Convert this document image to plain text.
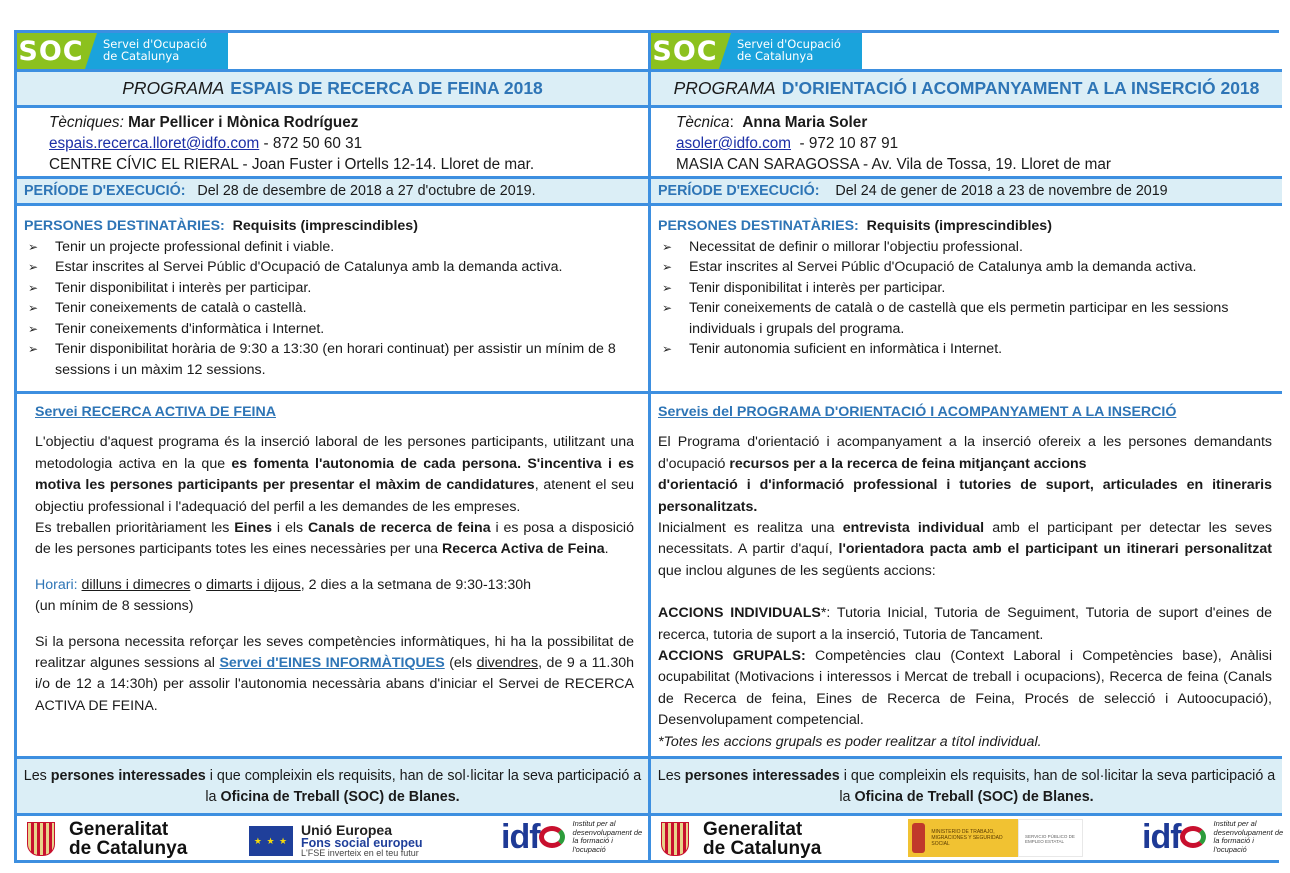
SOC Servei d'Ocupació
de Catalunya
PROGRAMA ESPAIS DE RECERCA DE FEINA 2018
Tècniques: Mar Pellicer i Mònica Rodríguez
espais.recerca.lloret@idfo.com - 872 50 60 31
CENTRE CÍVIC EL RIERAL - Joan Fuster i Ortells 12-14. Lloret de mar.
PERÍODE D'EXECUCIÓ:
Del 28 de desembre de 2018 a 27 d'octubre de 2019.
PERSONES DESTINATÀRIES: Requisits (imprescindibles)
➢ Tenir un projecte professional definit i viable.
➢ Estar inscrites al Servei Públic d'Ocupació de Catalunya amb la demanda activa.
➢ Tenir disponibilitat i interès per participar.
➢ Tenir coneixements de català o castellà.
➢ Tenir coneixements d'informàtica i Internet.
➢ Tenir disponibilitat horària de 9:30 a 13:30 (en horari continuat) per assistir un mínim de 8 sessions i un màxim 12 sessions.
Servei RECERCA ACTIVA DE FEINA

L'objectiu d'aquest programa és la inserció laboral de les persones participants, utilitzant una metodologia activa en la que es fomenta l'autonomia de cada persona. S'incentiva i es motiva les persones participants per presentar el màxim de candidatures, atenent el seu objectiu professional i l'adequació del perfil a les demandes de les empreses.

Es treballen prioritàriament les Eines i els Canals de recerca de feina i es posa a disposició de les persones participants totes les eines necessàries per una Recerca Activa de Feina.

Horari: dilluns i dimecres o dimarts i dijous, 2 dies a la setmana de 9:30-13:30h
(un mínim de 8 sessions)

Si la persona necessita reforçar les seves competències informàtiques, hi ha la possibilitat de realitzar algunes sessions al Servei d'EINES INFORMÀTIQUES (els divendres, de 9 a 11.30h i/o de 12 a 14:30h) per assolir l'autonomia necessària abans d'iniciar el Servei de RECERCA ACTIVA DE FEINA.

Les persones interessades i que compleixin els requisits, han de sol·licitar la seva participació a la Oficina de Treball (SOC) de Blanes.
Generalitat
de Catalunya	★ ★ ★
Unió Europea
Fons social europeu
L'FSE inverteix en el teu futur idf	Institut per al desenvolupament de la formació i l'ocupació
SOC Servei d'Ocupació
de Catalunya
PROGRAMA D'ORIENTACIÓ I ACOMPANYAMENT A LA INSERCIÓ 2018
Tècnica:  Anna Maria Soler
asoler@idfo.com  - 972 10 87 91
MASIA CAN SARAGOSSA - Av. Vila de Tossa, 19. Lloret de mar
PERÍODE D'EXECUCIÓ:
Del 24 de gener de 2018 a 23 de novembre de 2019
PERSONES DESTINATÀRIES: Requisits (imprescindibles)
➢ Necessitat de definir o millorar l'objectiu professional.
➢ Estar inscrites al Servei Públic d'Ocupació de Catalunya amb la demanda activa.
➢ Tenir disponibilitat i interès per participar.
➢ Tenir coneixements de català o de castellà que els permetin participar en les sessions individuals i grupals del programa.
➢ Tenir autonomia suficient en informàtica i Internet.
Serveis del PROGRAMA D'ORIENTACIÓ I ACOMPANYAMENT A LA INSERCIÓ

El Programa d'orientació i acompanyament a la inserció ofereix a les persones demandants d'ocupació recursos per a la recerca de feina mitjançant accions
d'orientació i d'informació professional i tutories de suport, articulades en itineraris personalitzats.

Inicialment es realitza una entrevista individual amb el participant per detectar les seves necessitats. A partir d'aquí, l'orientadora pacta amb el participant un itinerari personalitzat que inclou algunes de les següents accions:

ACCIONS INDIVIDUALS*: Tutoria Inicial, Tutoria de Seguiment, Tutoria de suport d'eines de recerca, tutoria de suport a la inserció, Tutoria de Tancament.

ACCIONS GRUPALS: Competències clau (Context Laboral i Competències base), Anàlisi ocupabilitat (Motivacions i interessos i Mercat de treball i ocupacions), Recerca de feina (Canals de Recerca de feina, Eines de Recerca de Feina, Procés de selecció i Autoocupació), Desenvolupament competencial.

*Totes les accions grupals es poder realitzar a títol individual.

Les persones interessades i que compleixin els requisits, han de sol·licitar la seva participació a la Oficina de Treball (SOC) de Blanes.
Generalitat
de Catalunya
MINISTERIO DE TRABAJO, MIGRACIONES Y SEGURIDAD SOCIAL
SERVICIO PÚBLICO DE EMPLEO ESTATAL	idf	Institut per al desenvolupament de la formació i l'ocupació
